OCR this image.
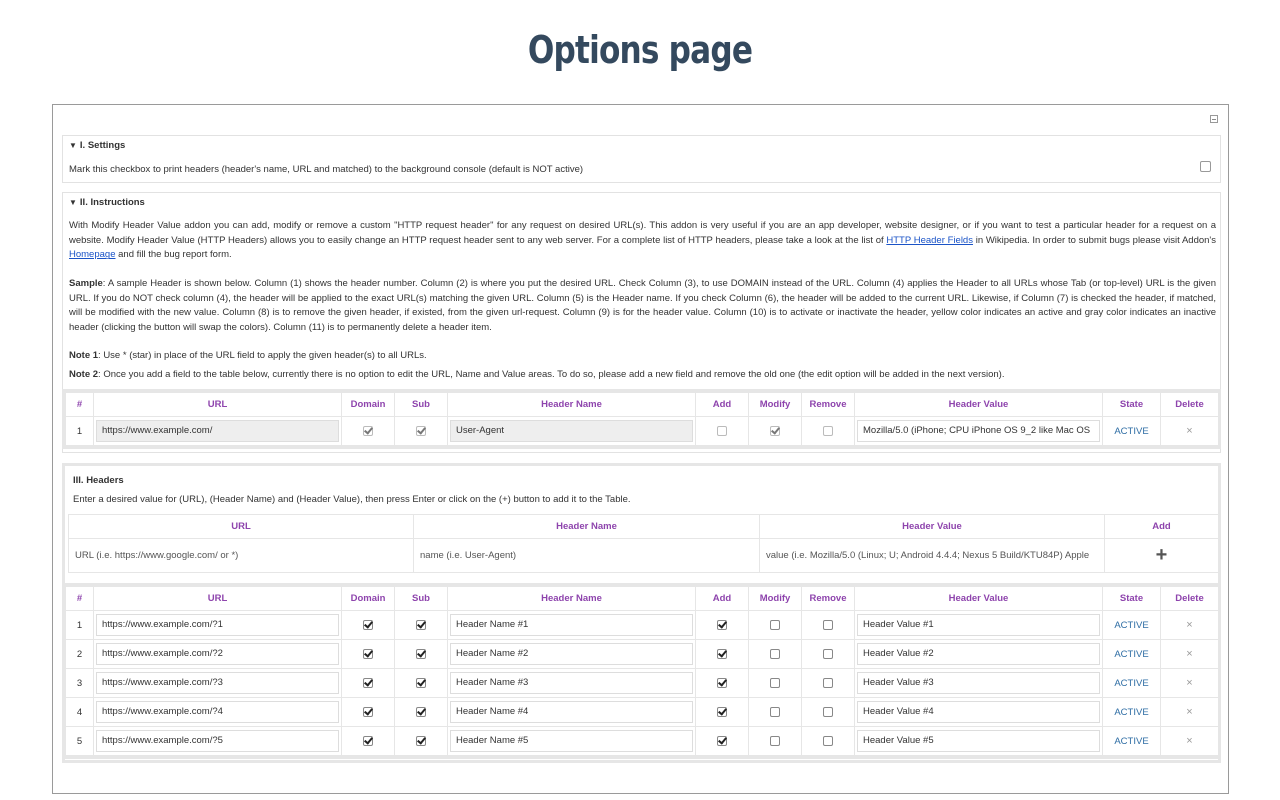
Options page
▼ I. Settings
Mark this checkbox to print headers (header's name, URL and matched) to the background console (default is NOT active)
▼ II. Instructions
With Modify Header Value addon you can add, modify or remove a custom "HTTP request header" for any request on desired URL(s). This addon is very useful if you are an app developer, website designer, or if you want to test a particular header for a request on a website. Modify Header Value (HTTP Headers) allows you to easily change an HTTP request header sent to any web server. For a complete list of HTTP headers, please take a look at the list of HTTP Header Fields in Wikipedia. In order to submit bugs please visit Addon's Homepage and fill the bug report form.
Sample: A sample Header is shown below. Column (1) shows the header number. Column (2) is where you put the desired URL. Check Column (3), to use DOMAIN instead of the URL. Column (4) applies the Header to all URLs whose Tab (or top-level) URL is the given URL. If you do NOT check column (4), the header will be applied to the exact URL(s) matching the given URL. Column (5) is the Header name. If you check Column (6), the header will be added to the current URL. Likewise, if Column (7) is checked the header, if matched, will be modified with the new value. Column (8) is to remove the given header, if existed, from the given url-request. Column (9) is for the header value. Column (10) is to activate or inactivate the header, yellow color indicates an active and gray color indicates an inactive header (clicking the button will swap the colors). Column (11) is to permanently delete a header item.
Note 1: Use * (star) in place of the URL field to apply the given header(s) to all URLs.
Note 2: Once you add a field to the table below, currently there is no option to edit the URL, Name and Value areas. To do so, please add a new field and remove the old one (the edit option will be added in the next version).
#	URL	Domain	Sub	Header Name	Add	Modify	Remove	Header Value	State	Delete
1	https://www.example.com/			User-Agent				Mozilla/5.0 (iPhone; CPU iPhone OS 9_2 like Mac OS	ACTIVE	×
III. Headers
Enter a desired value for (URL), (Header Name) and (Header Value), then press Enter or click on the (+) button to add it to the Table.
URL	Header Name	Header Value	Add
URL (i.e. https://www.google.com/ or *)	name (i.e. User-Agent)	value (i.e. Mozilla/5.0 (Linux; U; Android 4.4.4; Nexus 5 Build/KTU84P) Apple	+
#	URL	Domain	Sub	Header Name	Add	Modify	Remove	Header Value	State	Delete
1	https://www.example.com/?1			Header Name #1				Header Value #1	ACTIVE	×
2	https://www.example.com/?2			Header Name #2				Header Value #2	ACTIVE	×
3	https://www.example.com/?3			Header Name #3				Header Value #3	ACTIVE	×
4	https://www.example.com/?4			Header Name #4				Header Value #4	ACTIVE	×
5	https://www.example.com/?5			Header Name #5				Header Value #5	ACTIVE	×
